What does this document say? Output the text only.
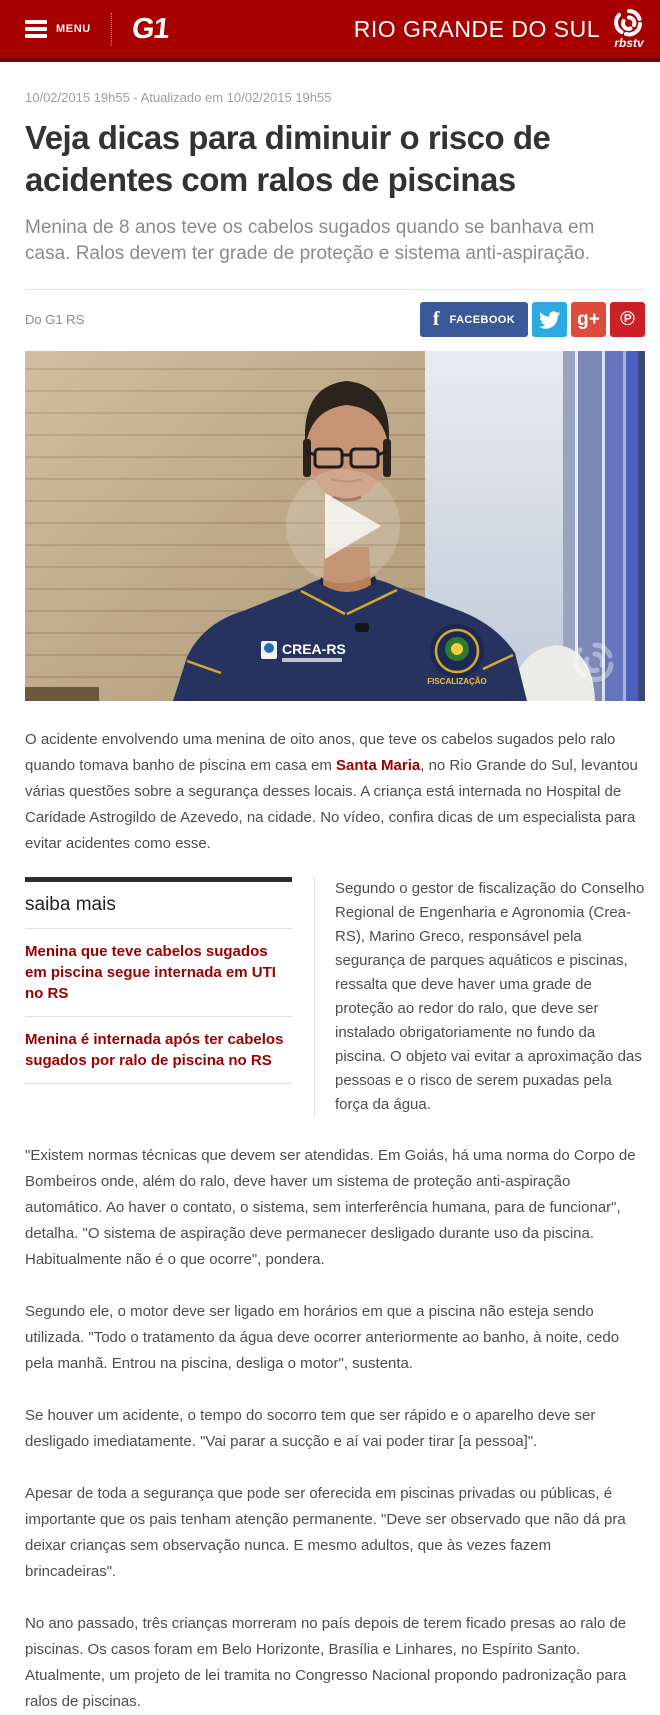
MENU G1	RIO GRANDE DO SUL
rbstv
10/02/2015 19h55 - Atualizado em 10/02/2015 19h55
Veja dicas para diminuir o risco de acidentes com ralos de piscinas
Menina de 8 anos teve os cabelos sugados quando se banhava em casa. Ralos devem ter grade de proteção e sistema anti-aspiração.
Do G1 RS	f FACEBOOK	g+ ℗
CREA-RS
FISCALIZAÇÃO

O acidente envolvendo uma menina de oito anos, que teve os cabelos sugados pelo ralo quando tomava banho de piscina em casa em Santa Maria, no Rio Grande do Sul, levantou várias questões sobre a segurança desses locais. A criança está internada no Hospital de Caridade Astrogildo de Azevedo, na cidade. No vídeo, confira dicas de um especialista para evitar acidentes como esse.

saiba mais
Menina que teve cabelos sugados em piscina segue internada em UTI no RS
Menina é internada após ter cabelos sugados por ralo de piscina no RS

Segundo o gestor de fiscalização do Conselho Regional de Engenharia e Agronomia (Crea-RS), Marino Greco, responsável pela segurança de parques aquáticos e piscinas, ressalta que deve haver uma grade de proteção ao redor do ralo, que deve ser instalado obrigatoriamente no fundo da piscina. O objeto vai evitar a aproximação das pessoas e o risco de serem puxadas pela força da água.

"Existem normas técnicas que devem ser atendidas. Em Goiás, há uma norma do Corpo de Bombeiros onde, além do ralo, deve haver um sistema de proteção anti-aspiração automático. Ao haver o contato, o sistema, sem interferência humana, para de funcionar", detalha. "O sistema de aspiração deve permanecer desligado durante uso da piscina. Habitualmente não é o que ocorre", pondera.

Segundo ele, o motor deve ser ligado em horários em que a piscina não esteja sendo utilizada. "Todo o tratamento da água deve ocorrer anteriormente ao banho, à noite, cedo pela manhã. Entrou na piscina, desliga o motor", sustenta.

Se houver um acidente, o tempo do socorro tem que ser rápido e o aparelho deve ser desligado imediatamente. "Vai parar a sucção e aí vai poder tirar [a pessoa]".

Apesar de toda a segurança que pode ser oferecida em piscinas privadas ou públicas, é importante que os pais tenham atenção permanente. "Deve ser observado que não dá pra deixar crianças sem observação nunca. E mesmo adultos, que às vezes fazem brincadeiras".

No ano passado, três crianças morreram no país depois de terem ficado presas ao ralo de piscinas. Os casos foram em Belo Horizonte, Brasília e Linhares, no Espírito Santo. Atualmente, um projeto de lei tramita no Congresso Nacional propondo padronização para ralos de piscinas.
